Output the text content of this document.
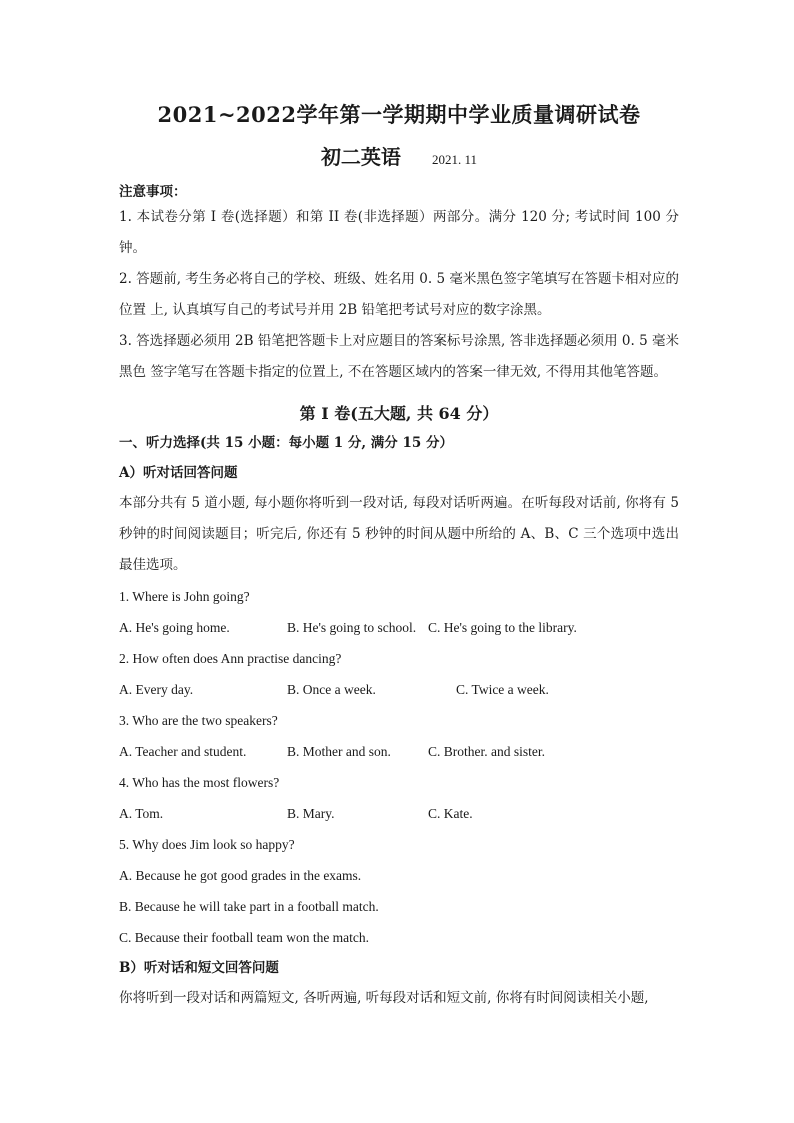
2021~2022学年第一学期期中学业质量调研试卷
初二英语 2021. 11
注意事项：

1. 本试卷分第 I 卷(选择题）和第 II 卷(非选择题）两部分。满分 120 分; 考试时间 100 分钟。

2. 答题前, 考生务必将自己的学校、班级、姓名用 0. 5 毫米黑色签字笔填写在答题卡相对应的位置 上, 认真填写自己的考试号并用 2B 铅笔把考试号对应的数字涂黑。

3. 答选择题必须用 2B 铅笔把答题卡上对应题目的答案标号涂黑, 答非选择题必须用 0. 5 毫米黑色 签字笔写在答题卡指定的位置上, 不在答题区域内的答案一律无效, 不得用其他笔答题。

第 I 卷(五大题, 共 64 分）
一、听力选择(共 15 小题：每小题 1 分, 满分 15 分）
A）听对话回答问题

本部分共有 5 道小题, 每小题你将听到一段对话, 每段对话听两遍。在听每段对话前, 你将有 5 秒钟的时间阅读题目；听完后, 你还有 5 秒钟的时间从题中所给的 A、B、C 三个选项中选出 最佳选项。

1. Where is John going?
A. He's going home.	B. He's going to school. C. He's going to the library.
2. How often does Ann practise dancing?
A. Every day.	B. Once a week.	C. Twice a week.
3. Who are the two speakers?
A. Teacher and student.	B. Mother and son.	C. Brother. and sister.
4. Who has the most flowers?
A. Tom.	B. Mary.	C. Kate.
5. Why does Jim look so happy?
A. Because he got good grades in the exams.
B. Because he will take part in a football match.
C. Because their football team won the match.
B）听对话和短文回答问题

你将听到一段对话和两篇短文, 各听两遍, 听每段对话和短文前, 你将有时间阅读相关小题,
